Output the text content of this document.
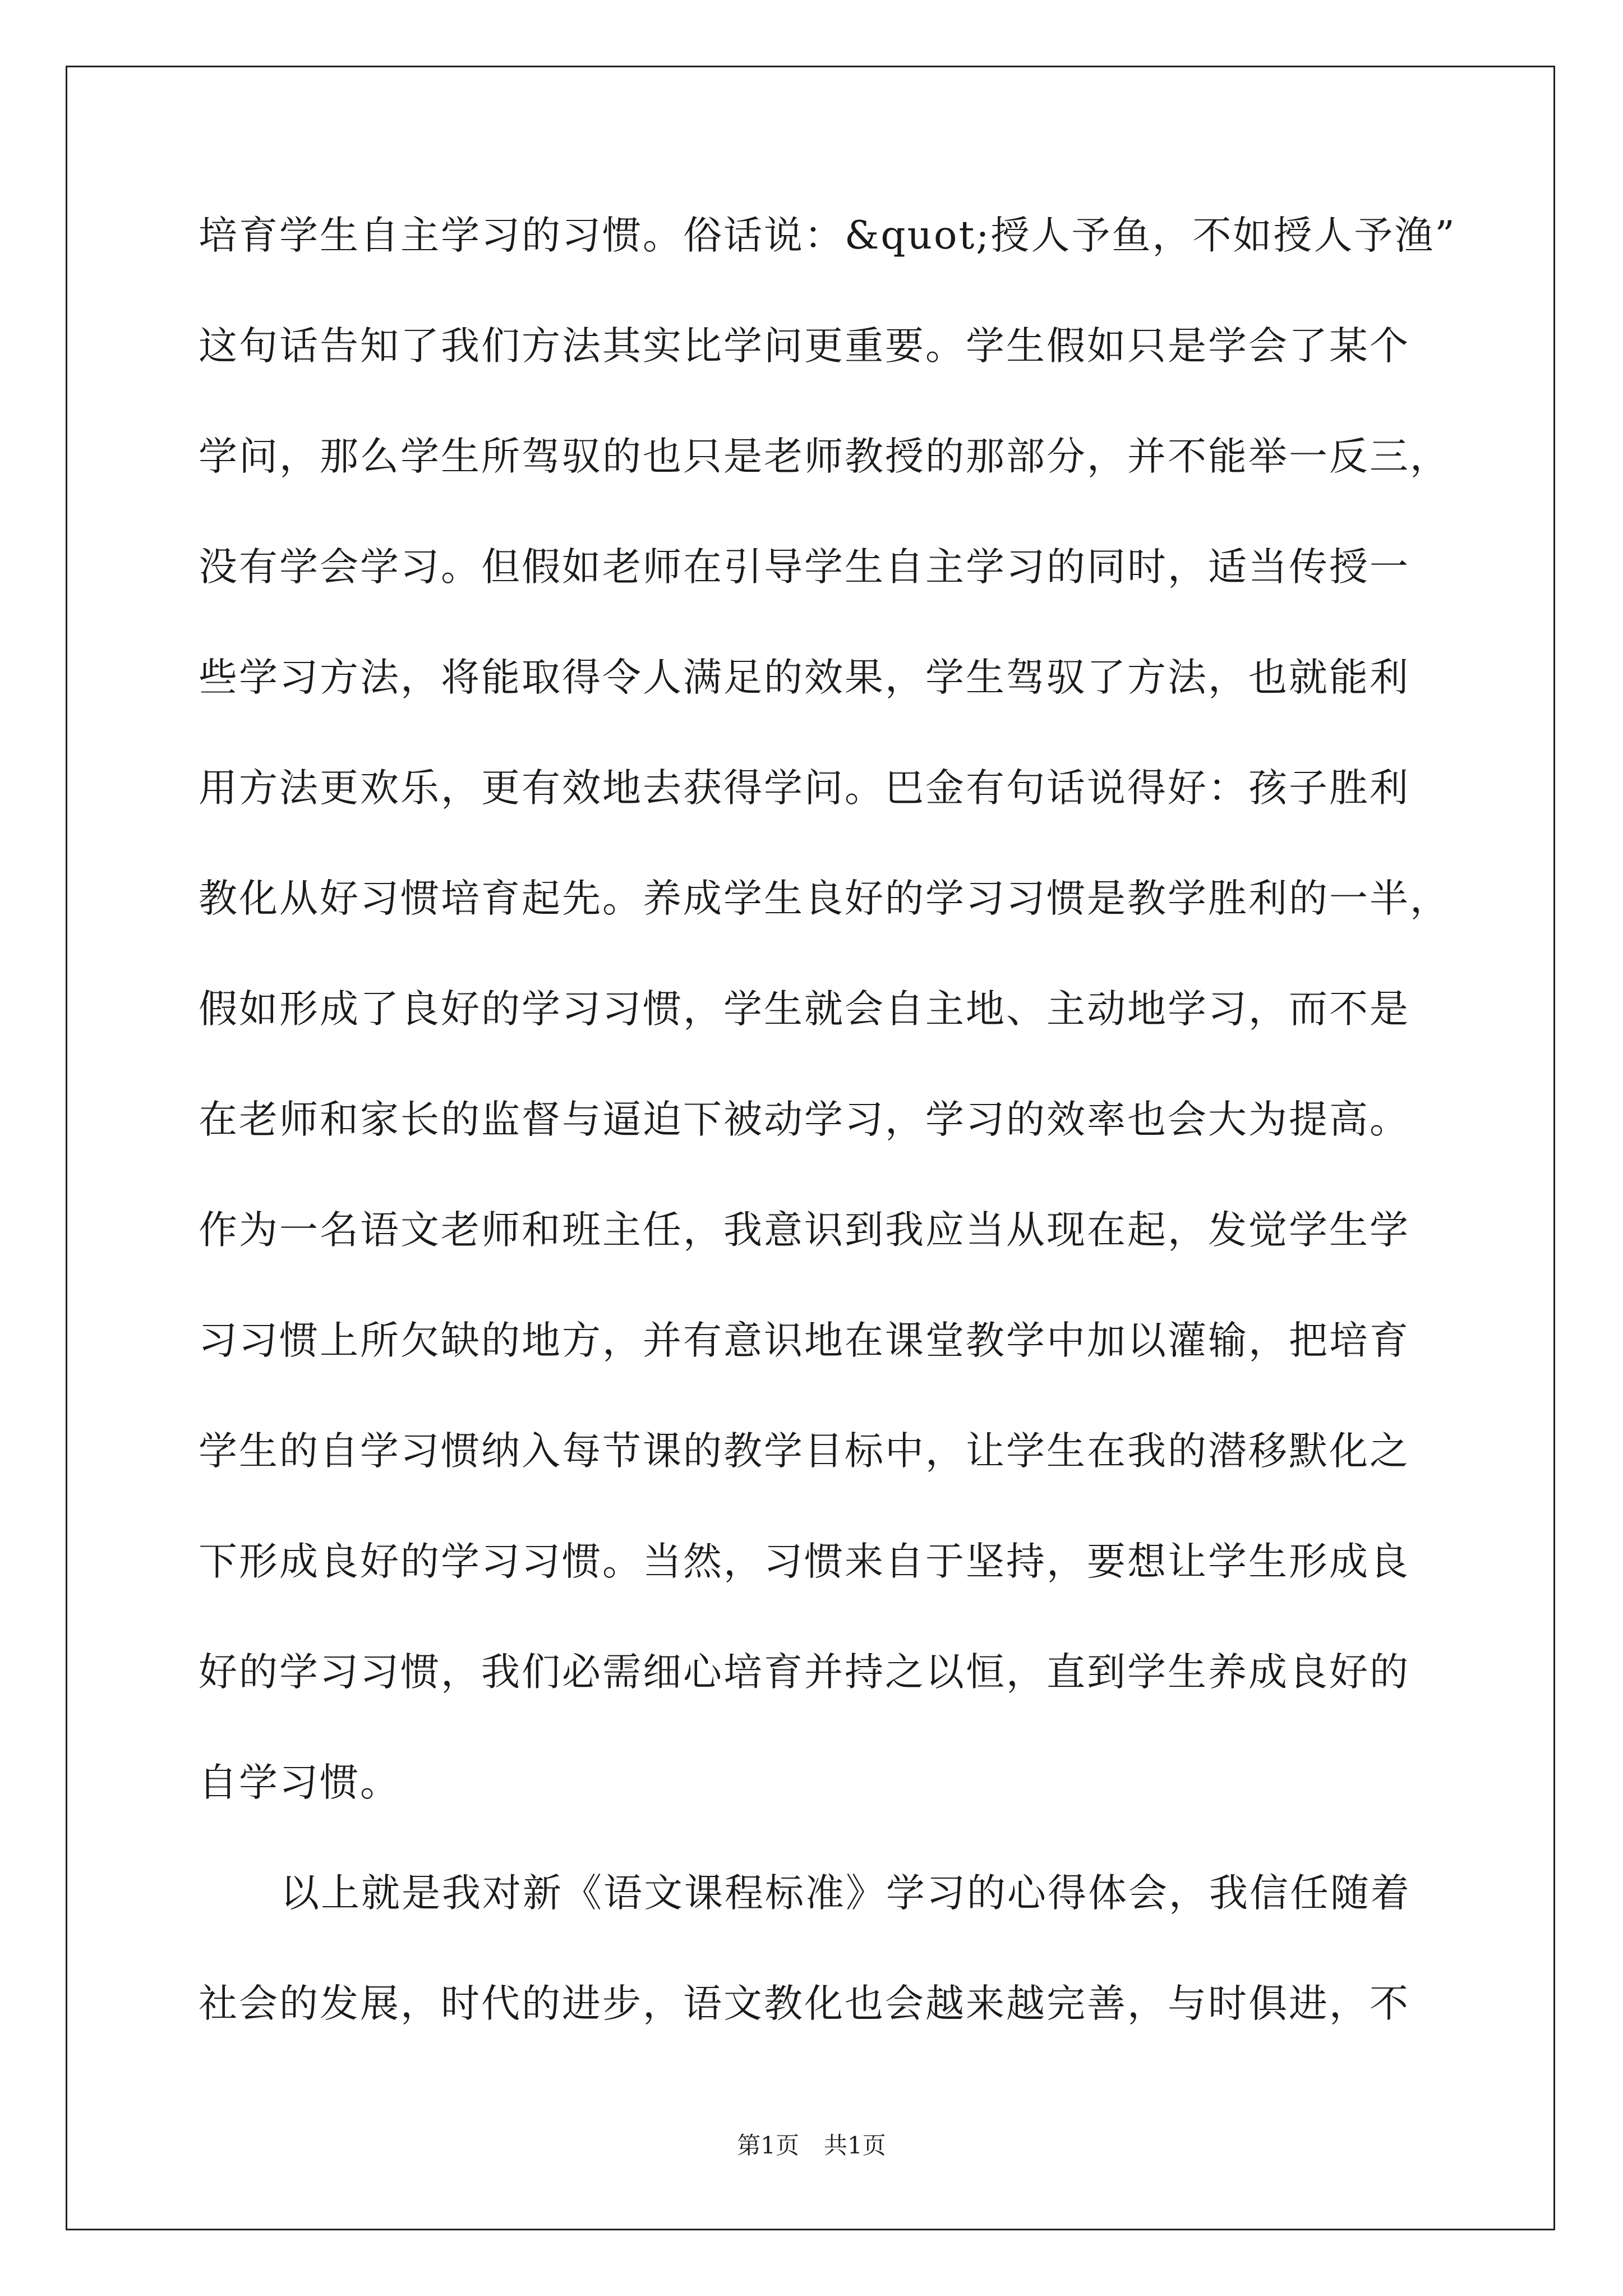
培育学生自主学习的习惯。俗话说：&quot;授人予鱼，不如授人予渔”
这句话告知了我们方法其实比学问更重要。学生假如只是学会了某个
学问，那么学生所驾驭的也只是老师教授的那部分，并不能举一反三，
没有学会学习。但假如老师在引导学生自主学习的同时，适当传授一
些学习方法，将能取得令人满足的效果，学生驾驭了方法，也就能利
用方法更欢乐，更有效地去获得学问。巴金有句话说得好：孩子胜利
教化从好习惯培育起先。养成学生良好的学习习惯是教学胜利的一半，
假如形成了良好的学习习惯，学生就会自主地、主动地学习，而不是
在老师和家长的监督与逼迫下被动学习，学习的效率也会大为提高。
作为一名语文老师和班主任，我意识到我应当从现在起，发觉学生学
习习惯上所欠缺的地方，并有意识地在课堂教学中加以灌输，把培育
学生的自学习惯纳入每节课的教学目标中，让学生在我的潜移默化之
下形成良好的学习习惯。当然，习惯来自于坚持，要想让学生形成良
好的学习习惯，我们必需细心培育并持之以恒，直到学生养成良好的
自学习惯。
以上就是我对新《语文课程标准》学习的心得体会，我信任随着
社会的发展，时代的进步，语文教化也会越来越完善，与时俱进，不
第1页 共1页
